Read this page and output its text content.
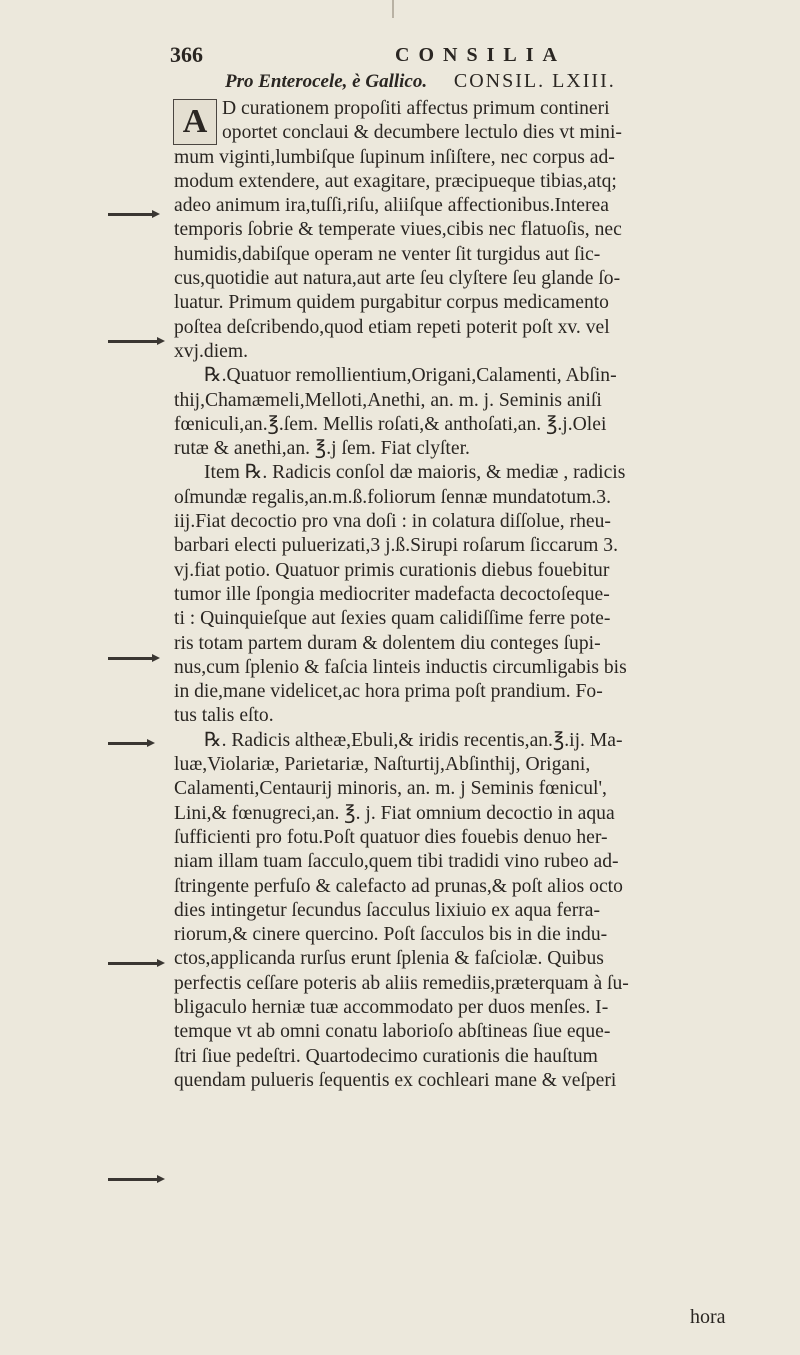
366	CONSILIA
Pro Enterocele, è Gallico. CONSIL. LXIII.
A D curationem propoſiti affectus primum contineri
oportet conclaui & decumbere lectulo dies vt mini-
mum viginti,lumbiſque ſupinum inſiſtere, nec corpus ad-
modum extendere, aut exagitare, præcipueque tibias,atq;
adeo animum ira,tuſſi,riſu, aliiſque affectionibus.Interea
temporis ſobrie & temperate viues,cibis nec flatuoſis, nec
humidis,dabiſque operam ne venter ſit turgidus aut ſic-
cus,quotidie aut natura,aut arte ſeu clyſtere ſeu glande ſo-
luatur. Primum quidem purgabitur corpus medicamento
poſtea deſcribendo,quod etiam repeti poterit poſt xv. vel
xvj.diem.
℞.Quatuor remollientium,Origani,Calamenti, Abſin-
thij,Chamæmeli,Melloti,Anethi, an. m. j. Seminis aniſi
fœniculi,an.℥.ſem. Mellis roſati,& anthoſati,an. ℥.j.Olei
rutæ & anethi,an. ℥.j ſem. Fiat clyſter.
Item ℞. Radicis conſol dæ maioris, & mediæ , radicis
oſmundæ regalis,an.m.ß.foliorum ſennæ mundatotum.3.
iij.Fiat decoctio pro vna doſi : in colatura diſſolue, rheu-
barbari electi puluerizati,3 j.ß.Sirupi roſarum ſiccarum 3.
vj.fiat potio. Quatuor primis curationis diebus fouebitur
tumor ille ſpongia mediocriter madefacta decoctoſeque-
ti : Quinquieſque aut ſexies quam calidiſſime ferre pote-
ris totam partem duram & dolentem diu conteges ſupi-
nus,cum ſplenio & faſcia linteis inductis circumligabis bis
in die,mane videlicet,ac hora prima poſt prandium. Fo-
tus talis eſto.
℞. Radicis altheæ,Ebuli,& iridis recentis,an.℥.ij. Ma-
luæ,Violariæ, Parietariæ, Naſturtij,Abſinthij, Origani,
Calamenti,Centaurij minoris, an. m. j Seminis fœnicul',
Lini,& fœnugreci,an. ℥. j. Fiat omnium decoctio in aqua
ſufficienti pro fotu.Poſt quatuor dies fouebis denuo her-
niam illam tuam ſacculo,quem tibi tradidi vino rubeo ad-
ſtringente perfuſo & calefacto ad prunas,& poſt alios octo
dies intingetur ſecundus ſacculus lixiuio ex aqua ferra-
riorum,& cinere quercino. Poſt ſacculos bis in die indu-
ctos,applicanda rurſus erunt ſplenia & faſciolæ. Quibus
perfectis ceſſare poteris ab aliis remediis,præterquam à ſu-
bligaculo herniæ tuæ accommodato per duos menſes. I-
temque vt ab omni conatu laborioſo abſtineas ſiue eque-
ſtri ſiue pedeſtri. Quartodecimo curationis die hauſtum
quendam pulueris ſequentis ex cochleari mane & veſperi
hora
